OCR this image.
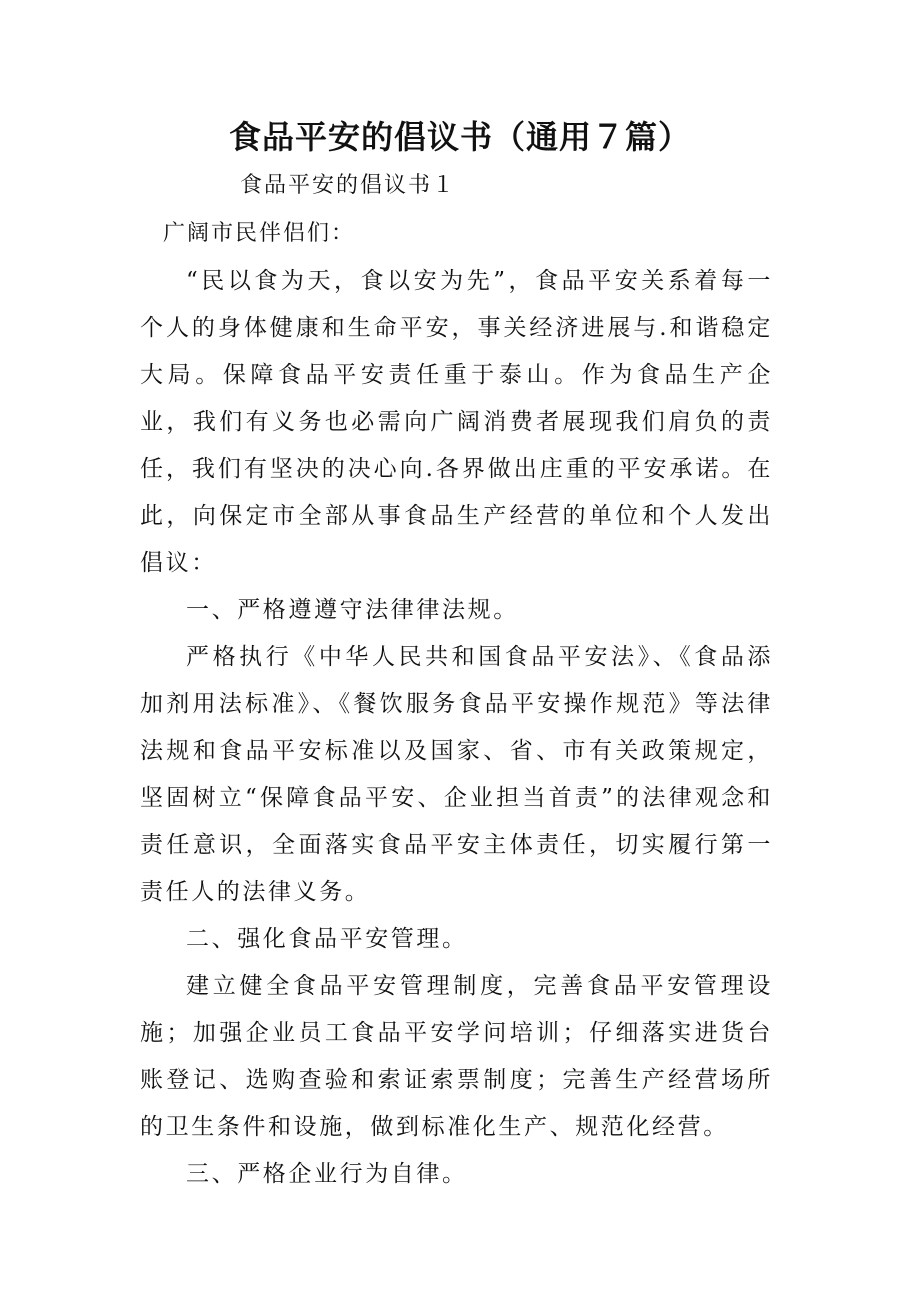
食品平安的倡议书（通用７篇）
食品平安的倡议书１
广阔市民伴侣们：

“民以食为天，食以安为先”，食品平安关系着每一个人的身体健康和生命平安，事关经济进展与.和谐稳定大局。保障食品平安责任重于泰山。作为食品生产企业，我们有义务也必需向广阔消费者展现我们肩负的责任，我们有坚决的决心向.各界做出庄重的平安承诺。在此，向保定市全部从事食品生产经营的单位和个人发出倡议：

一、严格遵遵守法律律法规。

严格执行《中华人民共和国食品平安法》、《食品添加剂用法标准》、《餐饮服务食品平安操作规范》等法律法规和食品平安标准以及国家、省、市有关政策规定，坚固树立“保障食品平安、企业担当首责”的法律观念和责任意识，全面落实食品平安主体责任，切实履行第一责任人的法律义务。

二、强化食品平安管理。

建立健全食品平安管理制度，完善食品平安管理设施；加强企业员工食品平安学问培训；仔细落实进货台账登记、选购查验和索证索票制度；完善生产经营场所的卫生条件和设施，做到标准化生产、规范化经营。

三、严格企业行为自律。
